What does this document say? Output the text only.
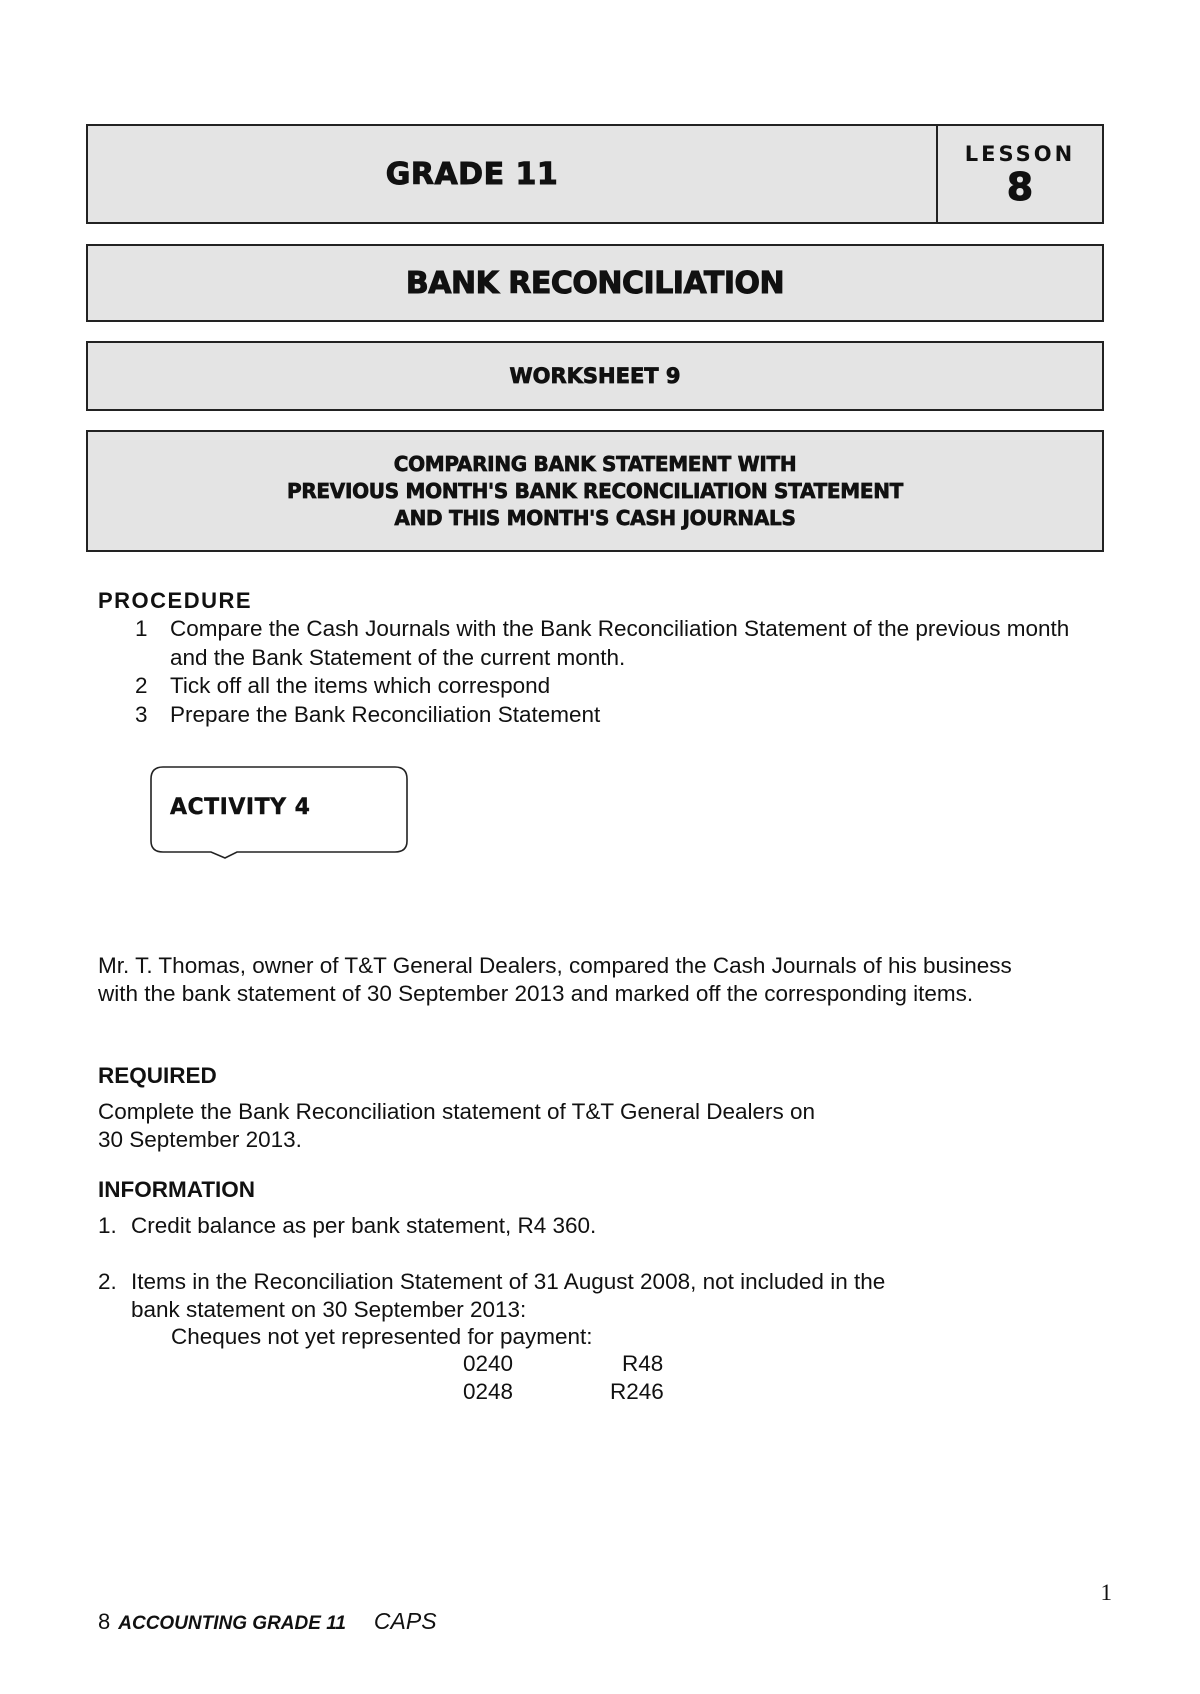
GRADE 11
LESSON
8
BANK RECONCILIATION
WORKSHEET 9
COMPARING BANK STATEMENT WITH
PREVIOUS MONTH'S BANK RECONCILIATION STATEMENT
AND THIS MONTH'S CASH JOURNALS
PROCEDURE
1 Compare the Cash Journals with the Bank Reconciliation Statement of the previous month and the Bank Statement of the current month.
2 Tick off all the items which correspond
3 Prepare the Bank Reconciliation Statement
ACTIVITY 4
Mr. T. Thomas, owner of T&T General Dealers, compared the Cash Journals of his business with the bank statement of 30 September 2013 and marked off the corresponding items.
REQUIRED
Complete the Bank Reconciliation statement of T&T General Dealers on
30 September 2013.
INFORMATION
1. Credit balance as per bank statement, R4 360.
2. Items in the Reconciliation Statement of 31 August 2008, not included in the
bank statement on 30 September 2013:
Cheques not yet represented for payment:
0240	R48
0248	R246
1
8 ACCOUNTING GRADE 11 CAPS
